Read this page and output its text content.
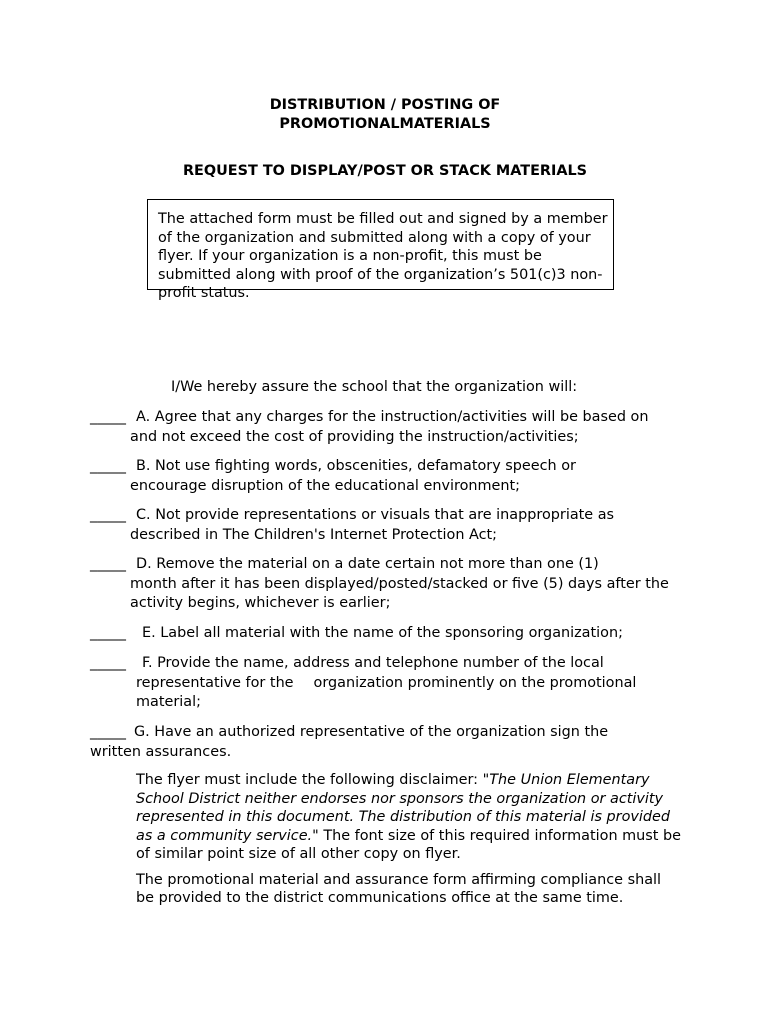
DISTRIBUTION / POSTING OF
PROMOTIONALMATERIALS
REQUEST TO DISPLAY/POST OR STACK MATERIALS
The attached form must be filled out and signed by a member of the organization and submitted along with a copy of your flyer. If your organization is a non-profit, this must be submitted along with proof of the organization’s 501(c)3 non-profit status.
I/We hereby assure the school that the organization will:
_____ A. Agree that any charges for the instruction/activities will be based on
and not exceed the cost of providing the instruction/activities;
_____ B. Not use fighting words, obscenities, defamatory speech or
encourage disruption of the educational environment;
_____ C. Not provide representations or visuals that are inappropriate as
described in The Children's Internet Protection Act;
_____ D. Remove the material on a date certain not more than one (1)
month after it has been displayed/posted/stacked or five (5) days after the activity begins, whichever is earlier;
_____ E. Label all material with the name of the sponsoring organization;
_____ F. Provide the name, address and telephone number of the local
representative for the organization prominently on the promotional material;
_____ G. Have an authorized representative of the organization sign the
written assurances.
The flyer must include the following disclaimer: "The Union Elementary School District neither endorses nor sponsors the organization or activity represented in this document. The distribution of this material is provided as a community service." The font size of this required information must be of similar point size of all other copy on flyer.
The promotional material and assurance form affirming compliance shall be provided to the district communications office at the same time.
